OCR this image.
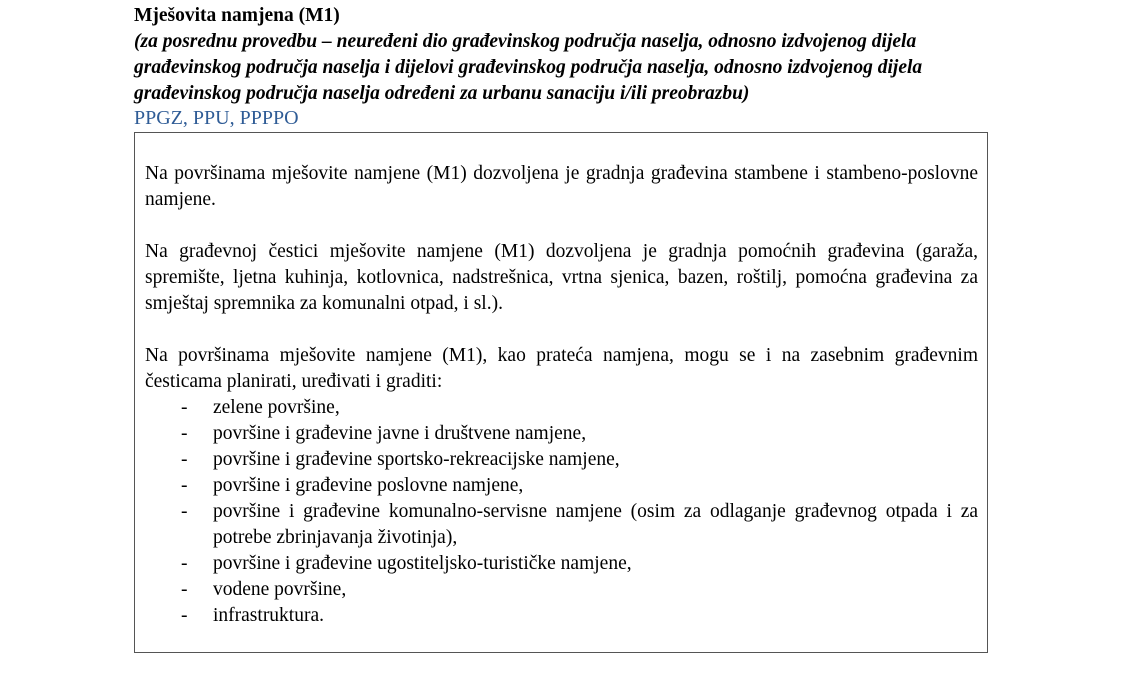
Mješovita namjena (M1)
(za posrednu provedbu – neuređeni dio građevinskog područja naselja, odnosno izdvojenog dijela građevinskog područja naselja i dijelovi građevinskog područja naselja, odnosno izdvojenog dijela građevinskog područja naselja određeni za urbanu sanaciju i/ili preobrazbu)
PPGZ, PPU, PPPPO

Na površinama mješovite namjene (M1) dozvoljena je gradnja građevina stambene i stambeno-poslovne namjene.

Na građevnoj čestici mješovite namjene (M1) dozvoljena je gradnja pomoćnih građevina (garaža, spremište, ljetna kuhinja, kotlovnica, nadstrešnica, vrtna sjenica, bazen, roštilj, pomoćna građevina za smještaj spremnika za komunalni otpad, i sl.).

Na površinama mješovite namjene (M1), kao prateća namjena, mogu se i na zasebnim građevnim česticama planirati, uređivati i graditi:

- zelene površine,
- površine i građevine javne i društvene namjene,
- površine i građevine sportsko-rekreacijske namjene,
- površine i građevine poslovne namjene,
- površine i građevine komunalno-servisne namjene (osim za odlaganje građevnog otpada i za potrebe zbrinjavanja životinja),
- površine i građevine ugostiteljsko-turističke namjene,
- vodene površine,
- infrastruktura.
